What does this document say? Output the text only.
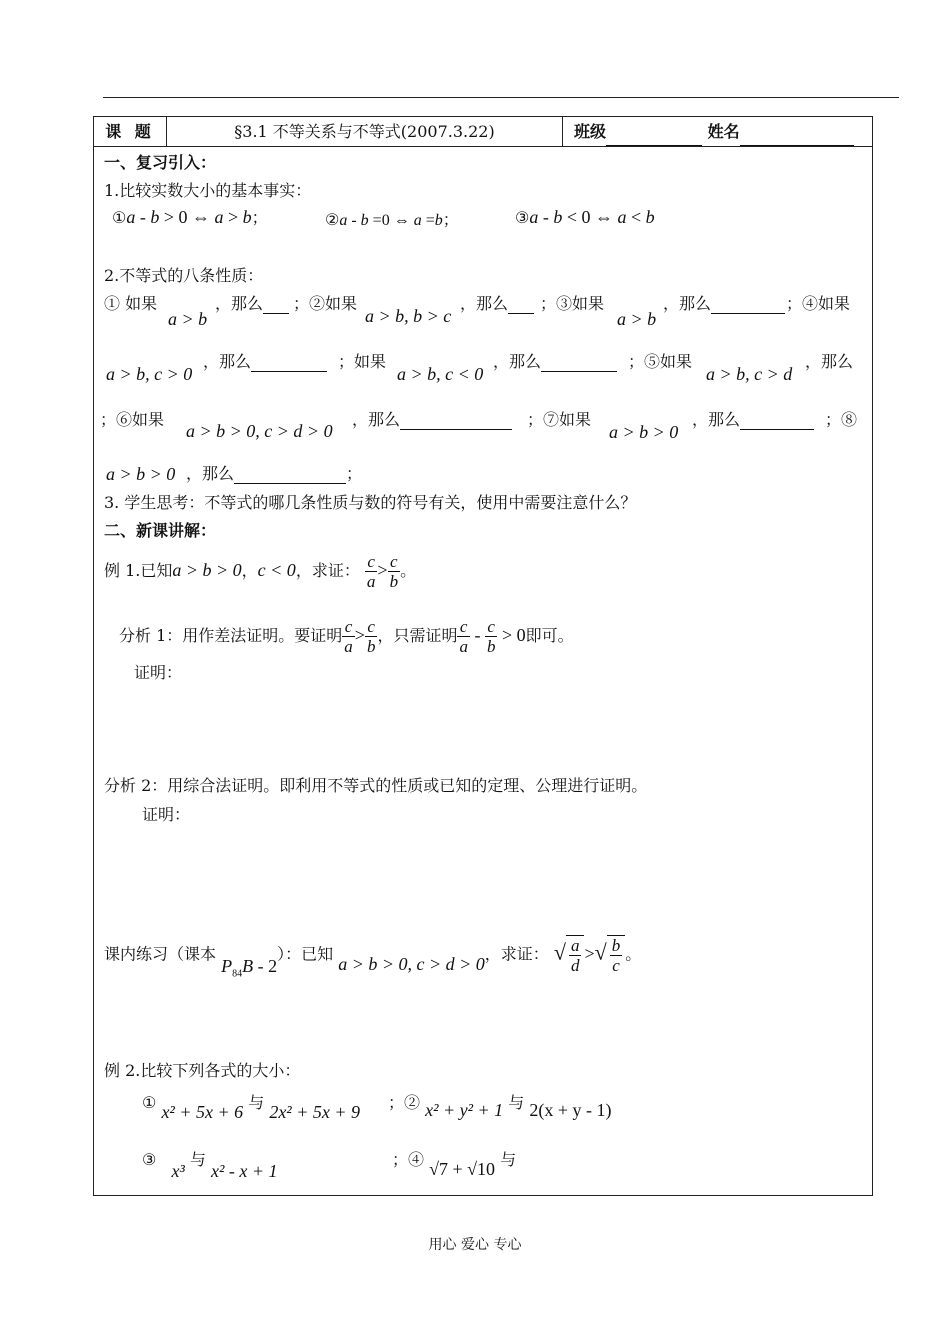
课 题	§3.1 不等关系与不等式(2007.3.22)	班级	姓名
一、复习引入：
1.比较实数大小的基本事实：
①a - b > 0 ⇔ a > b；	②a - b =0 ⇔ a =b；	③a - b < 0 ⇔ a < b
2.不等式的八条性质：
① 如果
a > b
，那么	；②如果
a > b, b > c
，那么	；③如果
a > b
，那么	；④如果
a > b, c > 0
，那么	；如果
a > b, c < 0
，那么	；⑤如果
a > b, c > d
，那么
；⑥如果
a > b > 0, c > d > 0
，那么	；⑦如果
a > b > 0
，那么	；⑧
a > b > 0 ，那么	；
3. 学生思考：不等式的哪几条性质与数的符号有关，使用中需要注意什么？
二、新课讲解：
例 1.已知a > b > 0，c < 0，求证： $\frac{c}{a} > \frac{c}{b}$ 。
分析 1：用作差法证明。要证明 $\frac{c}{a} > \frac{c}{b}$ ，只需证明 $\frac{c}{a} - \frac{c}{b} > 0$即可。
证明：
分析 2：用综合法证明。即利用不等式的性质或已知的定理、公理进行证明。
证明：
课内练习（课本 $P_{84}B - 2$）：已知 a > b > 0, c > d > 0，求证： √ $\frac{a}{d}$ >√ $\frac{b}{c}$ 。
例 2.比较下列各式的大小：
① x² + 5x + 6 与 2x² + 5x + 9 ；② x² + y² + 1 与 2(x + y - 1)
③ x³ 与 x² - x + 1
；④ √7 + √10 与
用心 爱心 专心
